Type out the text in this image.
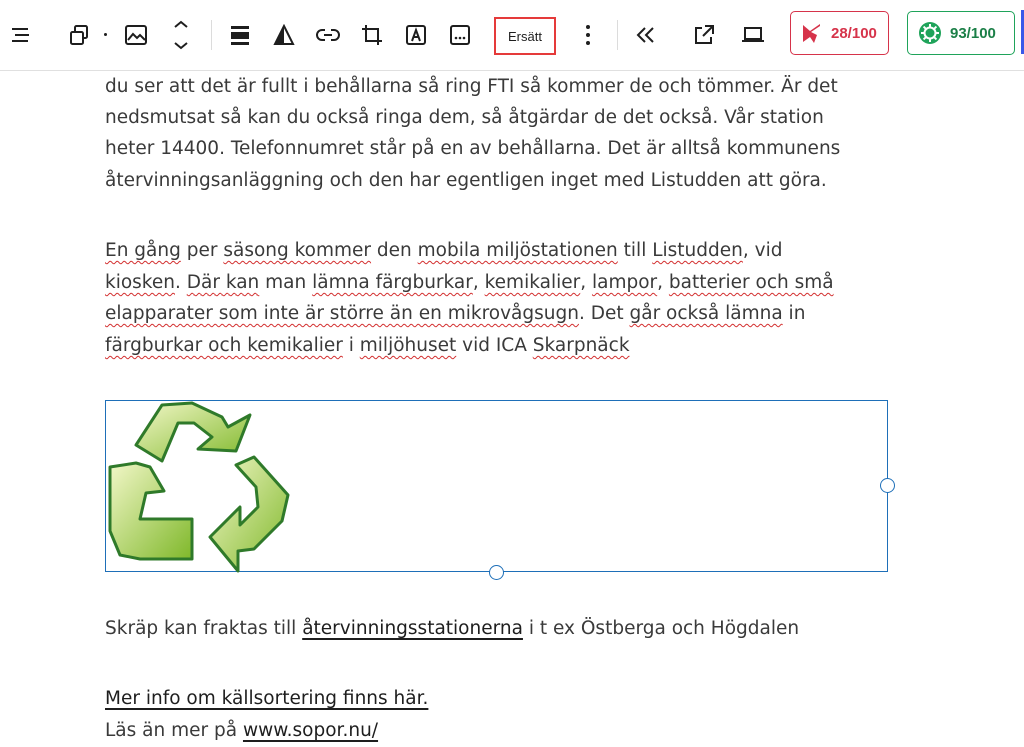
Ersätt	28/100	93/100

du ser att det är fullt i behållarna så ring FTI så kommer de och tömmer. Är det

nedsmutsat så kan du också ringa dem, så åtgärdar de det också. Vår station

heter 14400. Telefonnumret står på en av behållarna. Det är alltså kommunens

återvinningsanläggning och den har egentligen inget med Listudden att göra.

En gång per säsong kommer den mobila miljöstationen till Listudden, vid

kiosken. Där kan man lämna färgburkar, kemikalier, lampor, batterier och små

elapparater som inte är större än en mikrovågsugn. Det går också lämna in

färgburkar och kemikalier i miljöhuset vid ICA Skarpnäck

Skräp kan fraktas till återvinningsstationerna i t ex Östberga och Högdalen

Mer info om källsortering finns här.

Läs än mer på www.sopor.nu/
